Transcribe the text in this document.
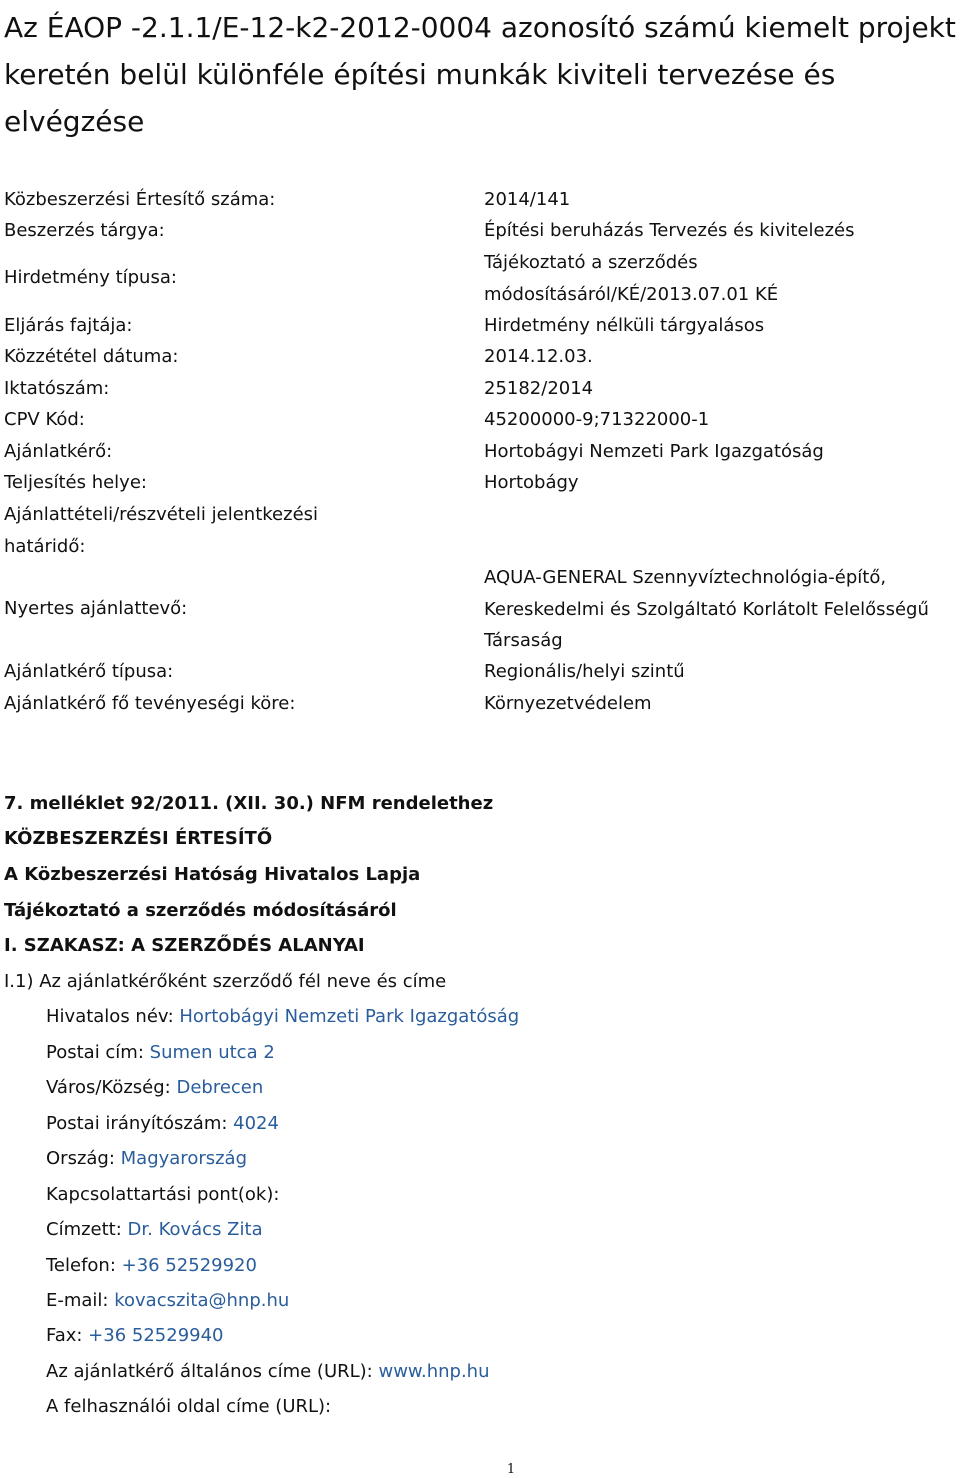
Az ÉAOP -2.1.1/E-12-k2-2012-0004 azonosító számú kiemelt projekt keretén belül különféle építési munkák kiviteli tervezése és elvégzése
Közbeszerzési Értesítő száma:	2014/141
Beszerzés tárgya:	Építési beruházás Tervezés és kivitelezés
Hirdetmény típusa:
Tájékoztató a szerződés
módosításáról/KÉ/2013.07.01 KÉ
Eljárás fajtája:	Hirdetmény nélküli tárgyalásos
Közzététel dátuma:	2014.12.03.
Iktatószám:	25182/2014
CPV Kód:	45200000-9;71322000-1
Ajánlatkérő:	Hortobágyi Nemzeti Park Igazgatóság
Teljesítés helye:	Hortobágy
Ajánlattételi/részvételi jelentkezési
határidő:
Nyertes ajánlattevő:
AQUA-GENERAL Szennyvíztechnológia-építő,
Kereskedelmi és Szolgáltató Korlátolt Felelősségű
Társaság
Ajánlatkérő típusa:	Regionális/helyi szintű
Ajánlatkérő fő tevényeségi köre:	Környezetvédelem
7. melléklet 92/2011. (XII. 30.) NFM rendelethez
KÖZBESZERZÉSI ÉRTESÍTŐ
A Közbeszerzési Hatóság Hivatalos Lapja
Tájékoztató a szerződés módosításáról
I. SZAKASZ: A SZERZŐDÉS ALANYAI
I.1) Az ajánlatkérőként szerződő fél neve és címe
Hivatalos név: Hortobágyi Nemzeti Park Igazgatóság
Postai cím: Sumen utca 2
Város/Község: Debrecen
Postai irányítószám: 4024
Ország: Magyarország
Kapcsolattartási pont(ok):
Címzett: Dr. Kovács Zita
Telefon: +36 52529920
E-mail: kovacszita@hnp.hu
Fax: +36 52529940
Az ajánlatkérő általános címe (URL): www.hnp.hu
A felhasználói oldal címe (URL):
1
